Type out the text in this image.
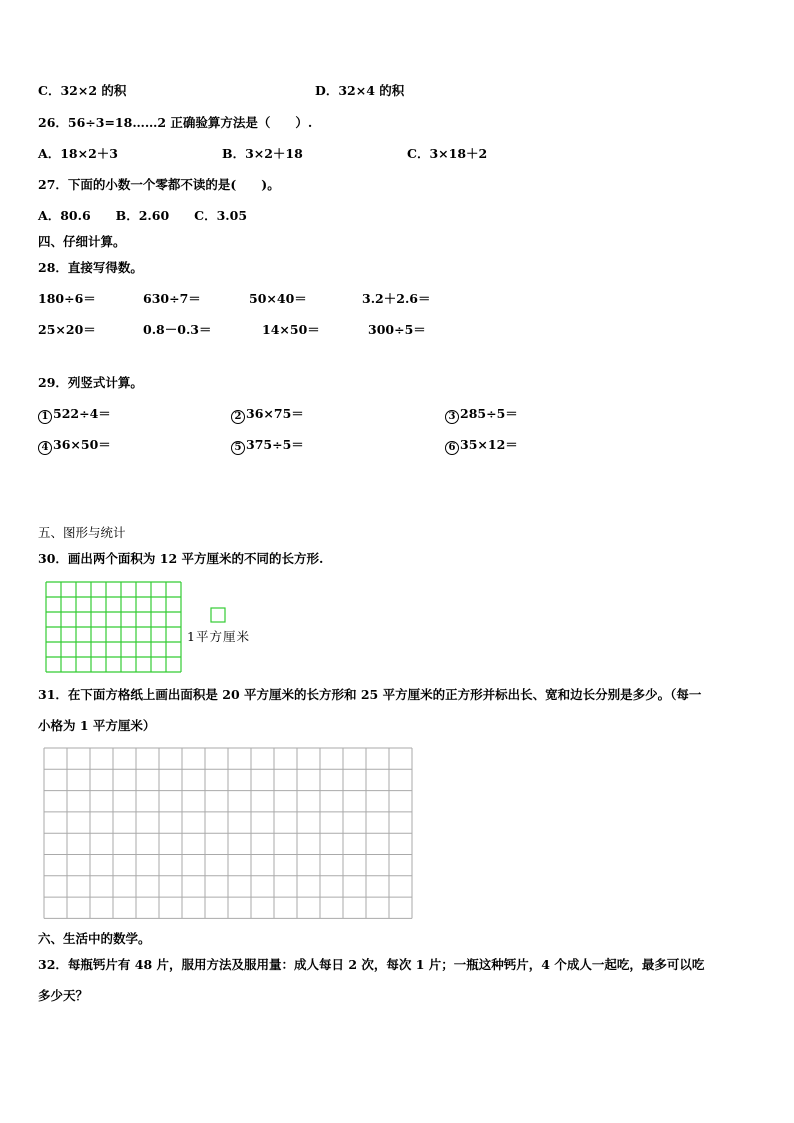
C．32×2 的积	D．32×4 的积
26．56÷3=18……2 正确验算方法是（　　）.
A．18×2＋3	B．3×2＋18	C．3×18＋2
27．下面的小数一个零都不读的是(　　)。
A．80.6　　B．2.60　　C．3.05
四、仔细计算。
28．直接写得数。
180÷6＝	630÷7＝	50×40＝	3.2＋2.6＝
25×20＝	0.8－0.3＝	14×50＝	300÷5＝
29．列竖式计算。
1 522÷4＝	2 36×75＝	3 285÷5＝
4 36×50＝	5 375÷5＝	6 35×12＝
五、图形与统计
30．画出两个面积为 12 平方厘米的不同的长方形.
1平方厘米
31．在下面方格纸上画出面积是 20 平方厘米的长方形和 25 平方厘米的正方形并标出长、宽和边长分别是多少。（每一
小格为 1 平方厘米）
六、生活中的数学。
32．每瓶钙片有 48 片，服用方法及服用量：成人每日 2 次，每次 1 片；一瓶这种钙片，4 个成人一起吃，最多可以吃
多少天？
